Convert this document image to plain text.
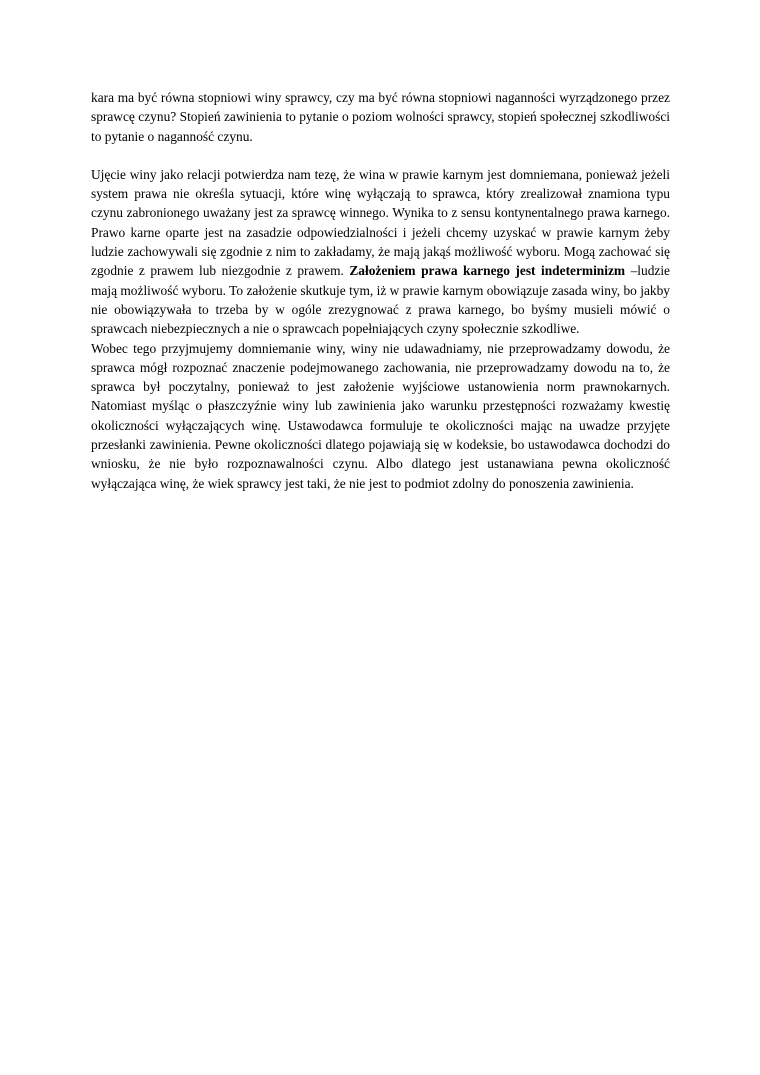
kara ma być równa stopniowi winy sprawcy, czy ma być równa stopniowi naganności wyrządzonego przez sprawcę czynu? Stopień zawinienia to pytanie o poziom wolności sprawcy, stopień społecznej szkodliwości to pytanie o naganność czynu.

Ujęcie winy jako relacji potwierdza nam tezę, że wina w prawie karnym jest domniemana, ponieważ jeżeli system prawa nie określa sytuacji, które winę wyłączają to sprawca, który zrealizował znamiona typu czynu zabronionego uważany jest za sprawcę winnego. Wynika to z sensu kontynentalnego prawa karnego. Prawo karne oparte jest na zasadzie odpowiedzialności i jeżeli chcemy uzyskać w prawie karnym żeby ludzie zachowywali się zgodnie z nim to zakładamy, że mają jakąś możliwość wyboru. Mogą zachować się zgodnie z prawem lub niezgodnie z prawem. Założeniem prawa karnego jest indeterminizm –ludzie mają możliwość wyboru. To założenie skutkuje tym, iż w prawie karnym obowiązuje zasada winy, bo jakby nie obowiązywała to trzeba by w ogóle zrezygnować z prawa karnego, bo byśmy musieli mówić o sprawcach niebezpiecznych a nie o sprawcach popełniających czyny społecznie szkodliwe.

Wobec tego przyjmujemy domniemanie winy, winy nie udawadniamy, nie przeprowadzamy dowodu, że sprawca mógł rozpoznać znaczenie podejmowanego zachowania, nie przeprowadzamy dowodu na to, że sprawca był poczytalny, ponieważ to jest założenie wyjściowe ustanowienia norm prawnokarnych. Natomiast myśląc o płaszczyźnie winy lub zawinienia jako warunku przestępności rozważamy kwestię okoliczności wyłączających winę. Ustawodawca formuluje te okoliczności mając na uwadze przyjęte przesłanki zawinienia. Pewne okoliczności dlatego pojawiają się w kodeksie, bo ustawodawca dochodzi do wniosku, że nie było rozpoznawalności czynu. Albo dlatego jest ustanawiana pewna okoliczność wyłączająca winę, że wiek sprawcy jest taki, że nie jest to podmiot zdolny do ponoszenia zawinienia.
